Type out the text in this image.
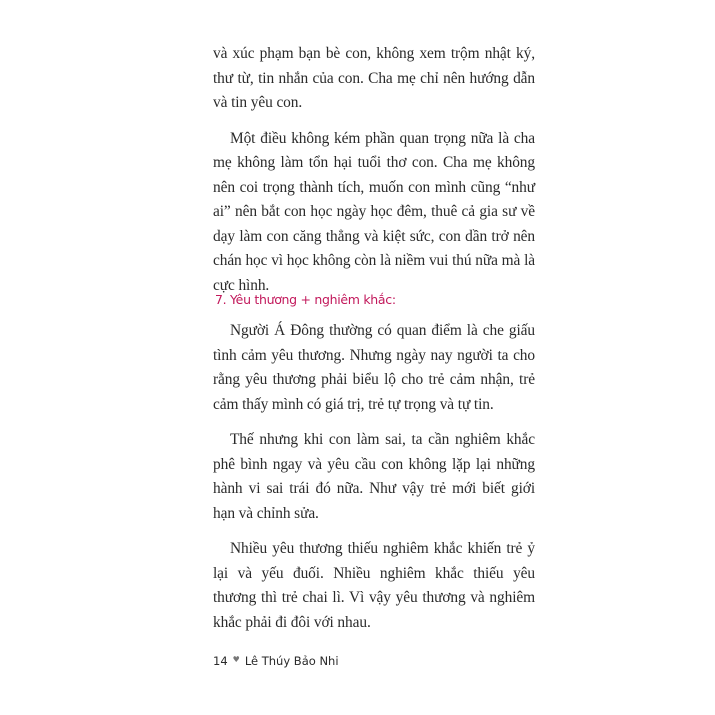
và xúc phạm bạn bè con, không xem trộm nhật ký, thư từ, tin nhắn của con. Cha mẹ chỉ nên hướng dẫn và tin yêu con.

Một điều không kém phần quan trọng nữa là cha mẹ không làm tổn hại tuổi thơ con. Cha mẹ không nên coi trọng thành tích, muốn con mình cũng “như ai” nên bắt con học ngày học đêm, thuê cả gia sư về dạy làm con căng thẳng và kiệt sức, con dần trở nên chán học vì học không còn là niềm vui thú nữa mà là cực hình.

7. Yêu thương + nghiêm khắc:

Người Á Đông thường có quan điểm là che giấu tình cảm yêu thương. Nhưng ngày nay người ta cho rằng yêu thương phải biểu lộ cho trẻ cảm nhận, trẻ cảm thấy mình có giá trị, trẻ tự trọng và tự tin.

Thế nhưng khi con làm sai, ta cần nghiêm khắc phê bình ngay và yêu cầu con không lặp lại những hành vi sai trái đó nữa. Như vậy trẻ mới biết giới hạn và chỉnh sửa.

Nhiều yêu thương thiếu nghiêm khắc khiến trẻ ỷ lại và yếu đuối. Nhiều nghiêm khắc thiếu yêu thương thì trẻ chai lì. Vì vậy yêu thương và nghiêm khắc phải đi đôi với nhau.

14 ♥ Lê Thúy Bảo Nhi
